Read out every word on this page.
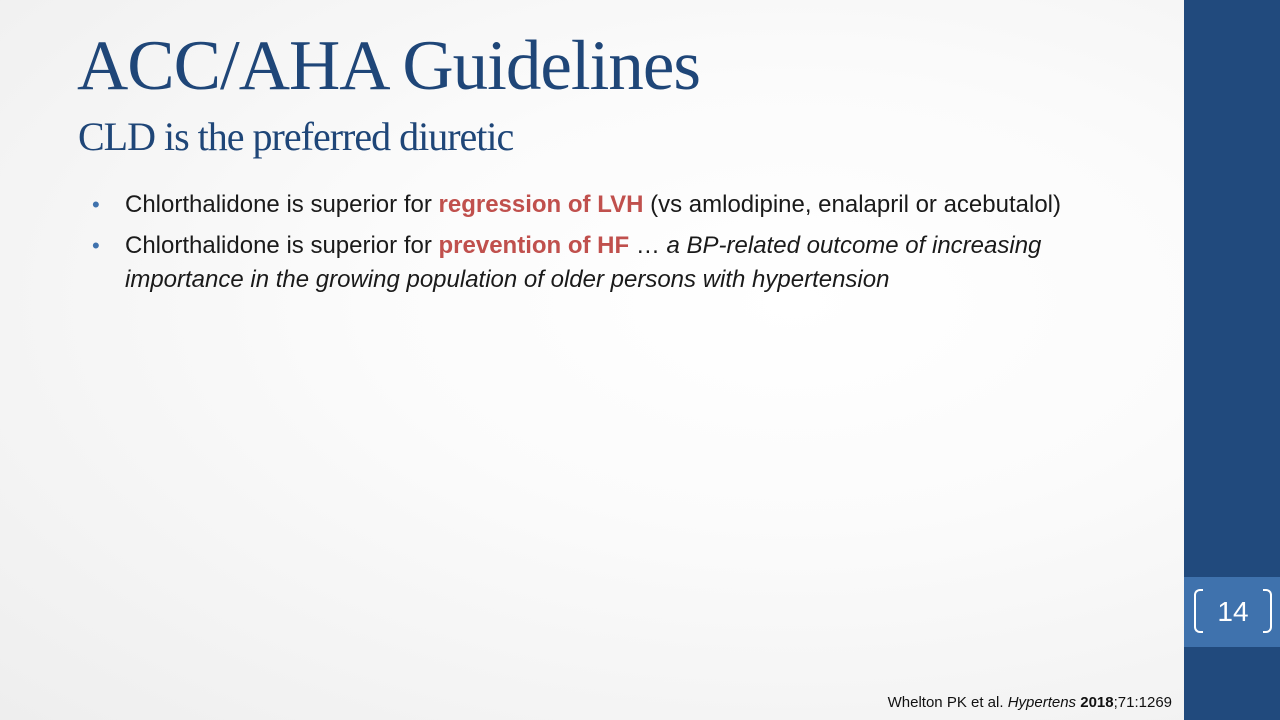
14
ACC/AHA Guidelines
CLD is the preferred diuretic
• Chlorthalidone is superior for regression of LVH (vs amlodipine, enalapril or acebutalol)
• Chlorthalidone is superior for prevention of HF … a BP-related outcome of increasing importance in the growing population of older persons with hypertension
Whelton PK et al. Hypertens 2018;71:1269
